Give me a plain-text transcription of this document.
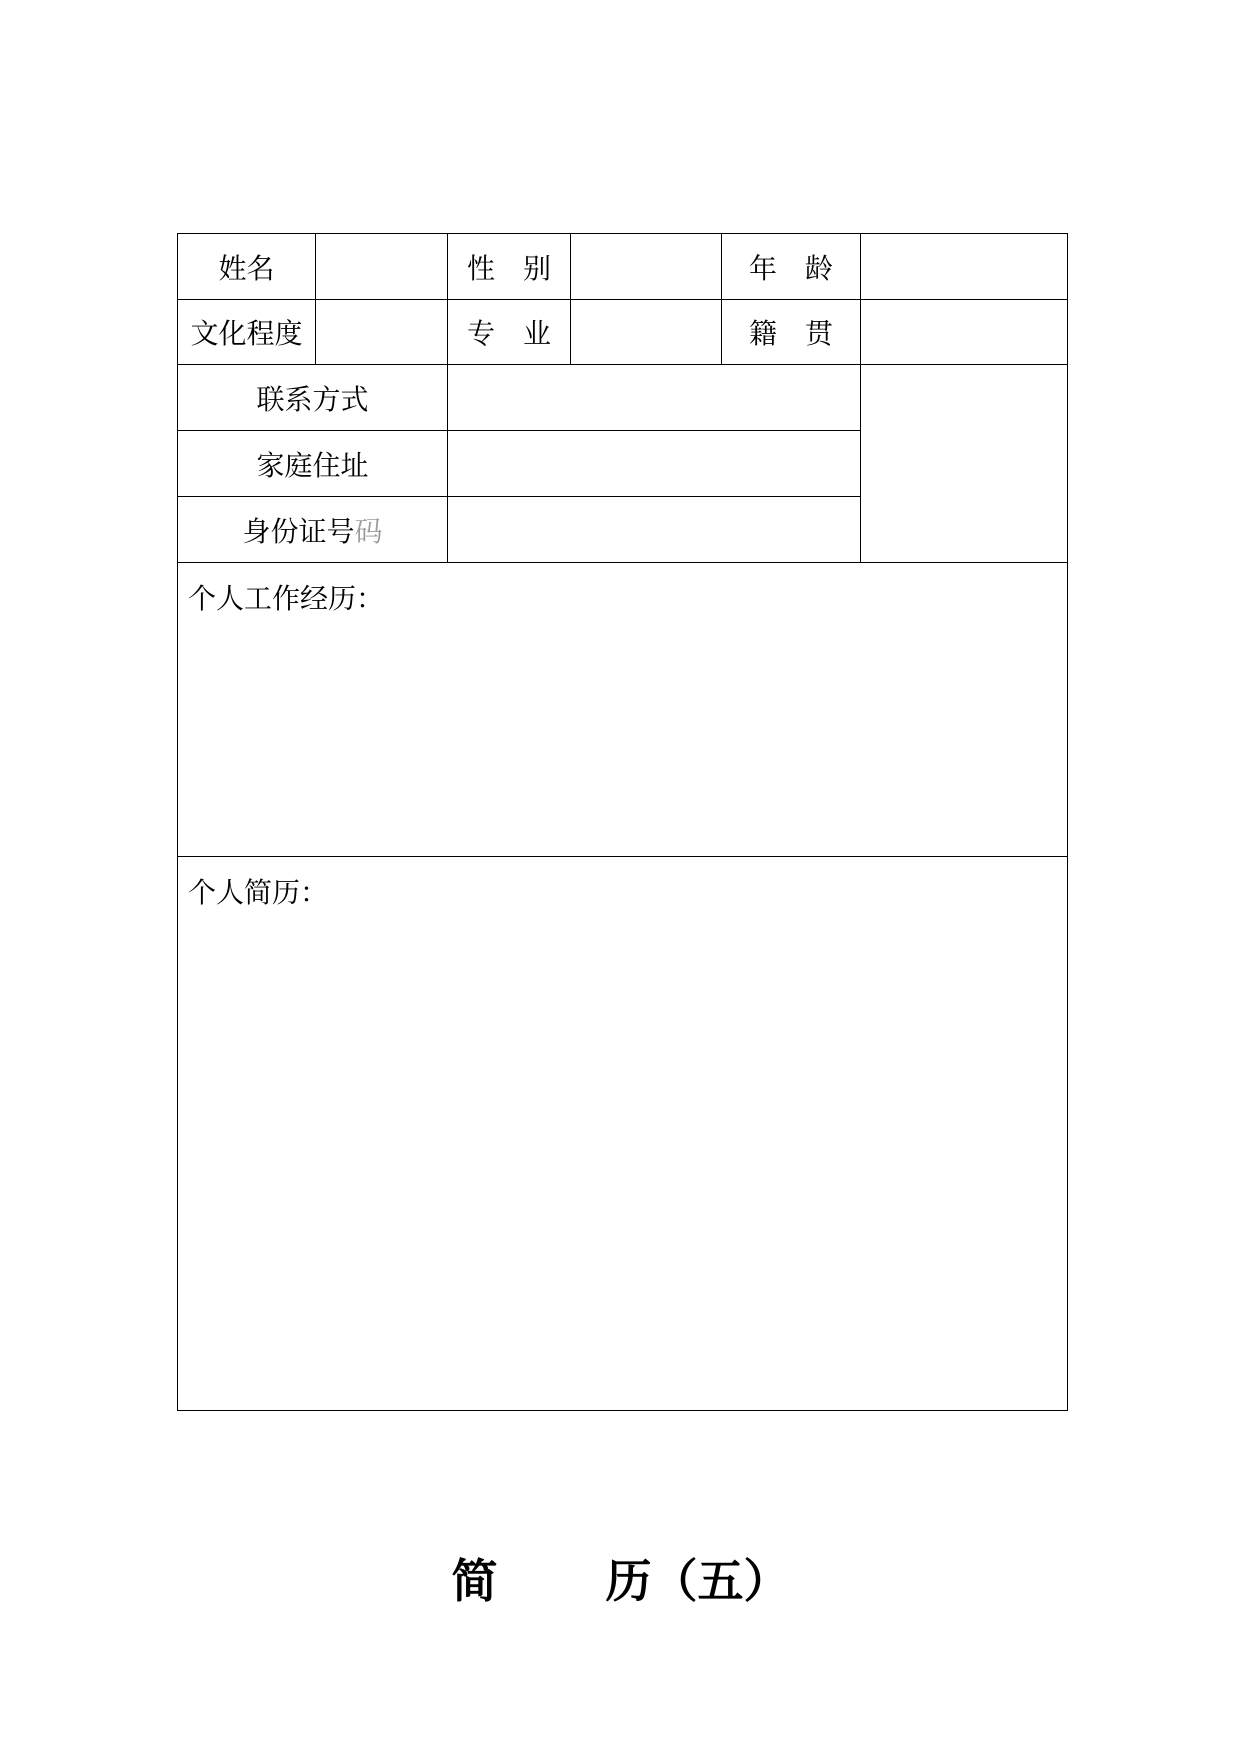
姓名		性　别		年　龄	
文化程度		专　业		籍　贯	
联系方式					
家庭住址					
身份证号码					
个人工作经历：					
个人简历：					
简　　 历（五）
